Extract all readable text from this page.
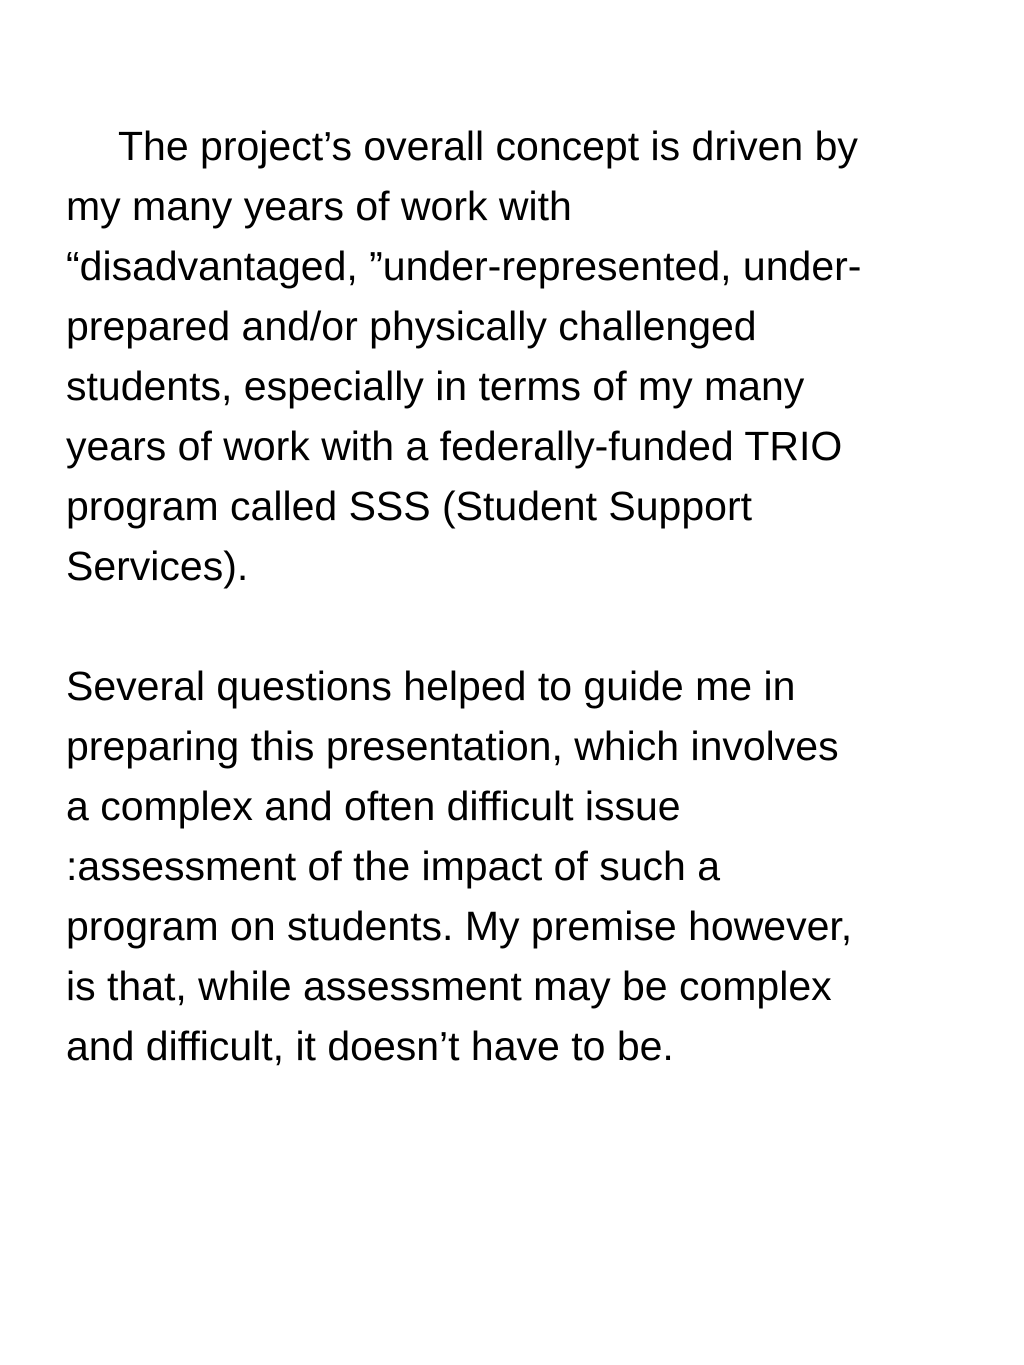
The project’s overall concept is driven by

my many years of work with

“disadvantaged, ”under-represented, under-

prepared and/or physically challenged

students, especially in terms of my many

years of work with a federally-funded TRIO

program called SSS (Student Support

Services).

Several questions helped to guide me in

preparing this presentation, which involves

a complex and often difficult issue

:assessment of the impact of such a

program on students. My premise however,

is that, while assessment may be complex

and difficult, it doesn’t have to be.
